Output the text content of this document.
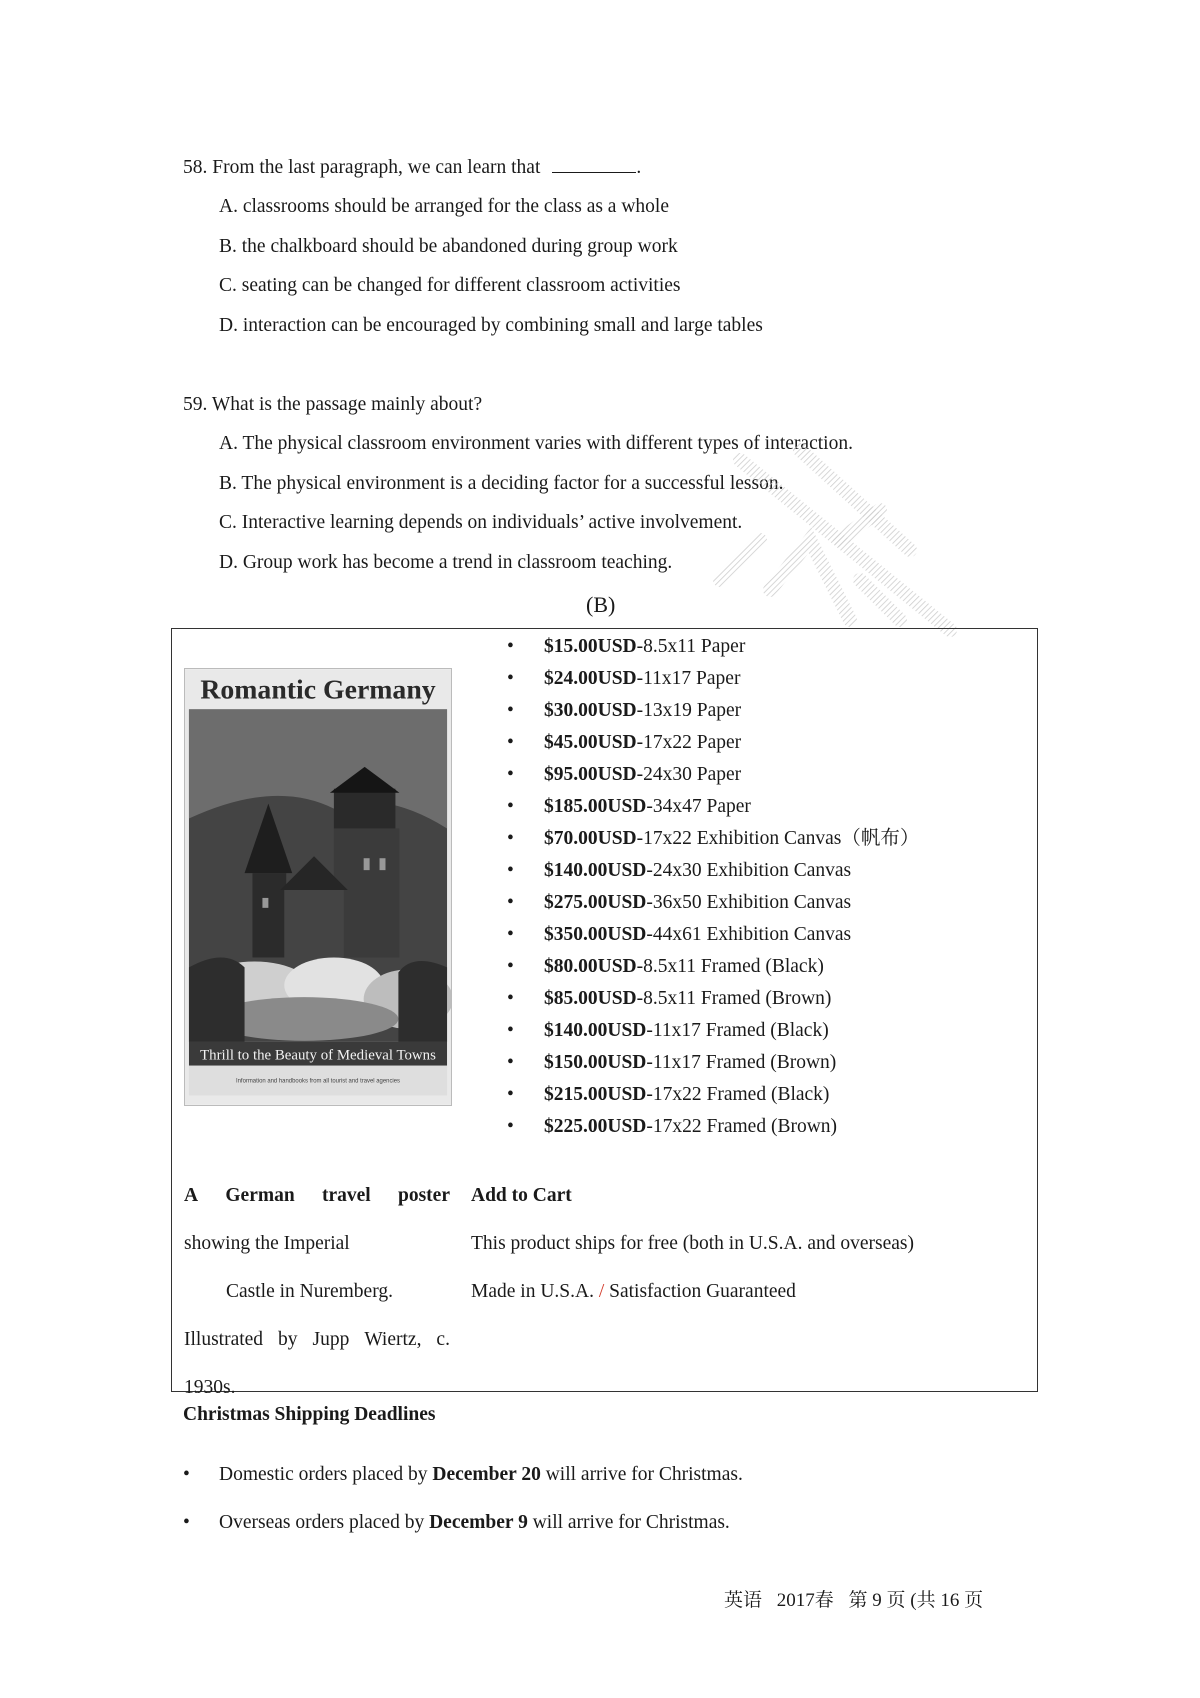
58. From the last paragraph, we can learn that	.
A. classrooms should be arranged for the class as a whole
B. the chalkboard should be abandoned during group work
C. seating can be changed for different classroom activities
D. interaction can be encouraged by combining small and large tables
59. What is the passage mainly about?
A. The physical classroom environment varies with different types of interaction.
B. The physical environment is a deciding factor for a successful lesson.
C. Interactive learning depends on individuals’ active involvement.
D. Group work has become a trend in classroom teaching.
(B)
Romantic Germany
Thrill to the Beauty of Medieval Towns
Information and handbooks from all tourist and travel agencies
• $15.00USD-8.5x11 Paper
• $24.00USD-11x17 Paper
• $30.00USD-13x19 Paper
• $45.00USD-17x22 Paper
• $95.00USD-24x30 Paper
• $185.00USD-34x47 Paper
• $70.00USD-17x22 Exhibition Canvas（帆布）
• $140.00USD-24x30 Exhibition Canvas
• $275.00USD-36x50 Exhibition Canvas
• $350.00USD-44x61 Exhibition Canvas
• $80.00USD-8.5x11 Framed (Black)
• $85.00USD-8.5x11 Framed (Brown)
• $140.00USD-11x17 Framed (Black)
• $150.00USD-11x17 Framed (Brown)
• $215.00USD-17x22 Framed (Black)
• $225.00USD-17x22 Framed (Brown)
A German travel poster
showing the Imperial
Castle in Nuremberg.
Illustrated by Jupp Wiertz, c.
1930s.
Add to Cart
This product ships for free (both in U.S.A. and overseas)
Made in U.S.A. / Satisfaction Guaranteed
Christmas Shipping Deadlines
• Domestic orders placed by December 20 will arrive for Christmas.
• Overseas orders placed by December 9 will arrive for Christmas.
英语 2017春 第 9 页 (共 16 页
